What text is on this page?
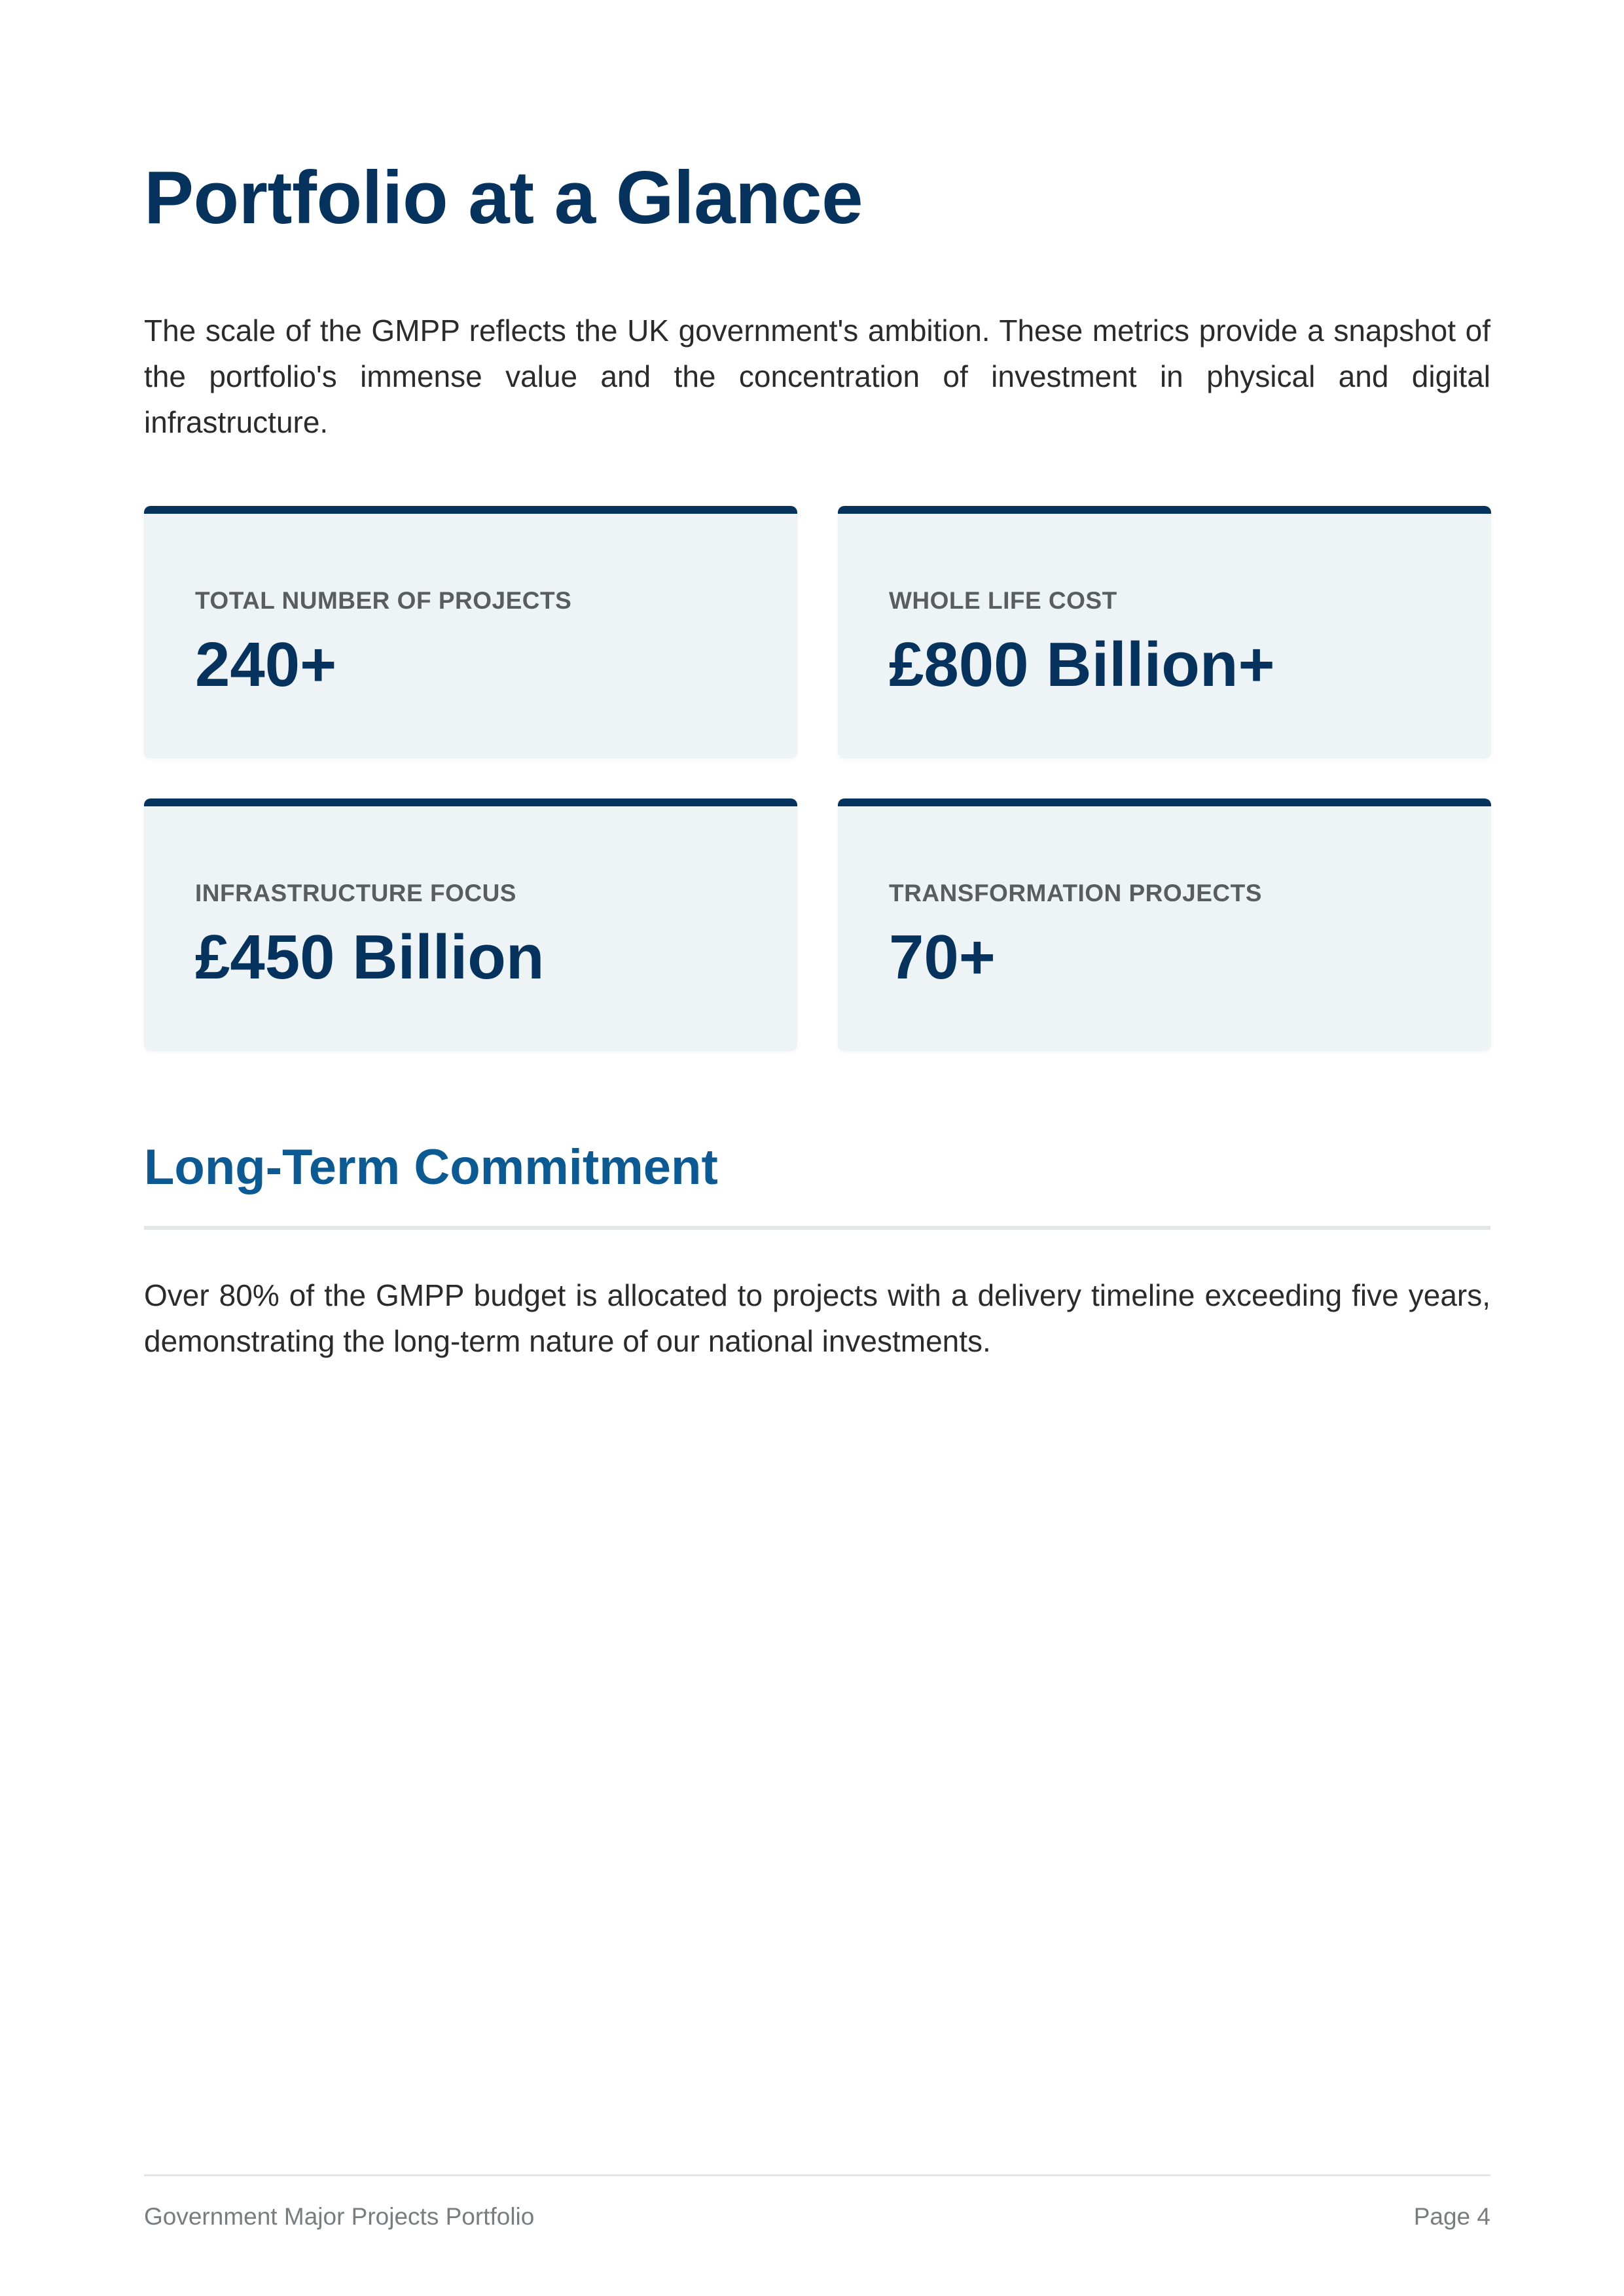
Portfolio at a Glance

The scale of the GMPP reflects the UK government's ambition. These metrics provide a snapshot of the portfolio's immense value and the concentration of investment in physical and digital infrastructure.

TOTAL NUMBER OF PROJECTS
240+
WHOLE LIFE COST
£800 Billion+
INFRASTRUCTURE FOCUS
£450 Billion
TRANSFORMATION PROJECTS
70+
Long-Term Commitment

Over 80% of the GMPP budget is allocated to projects with a delivery timeline exceeding five years, demonstrating the long-term nature of our national investments.

Government Major Projects Portfolio	Page 4
